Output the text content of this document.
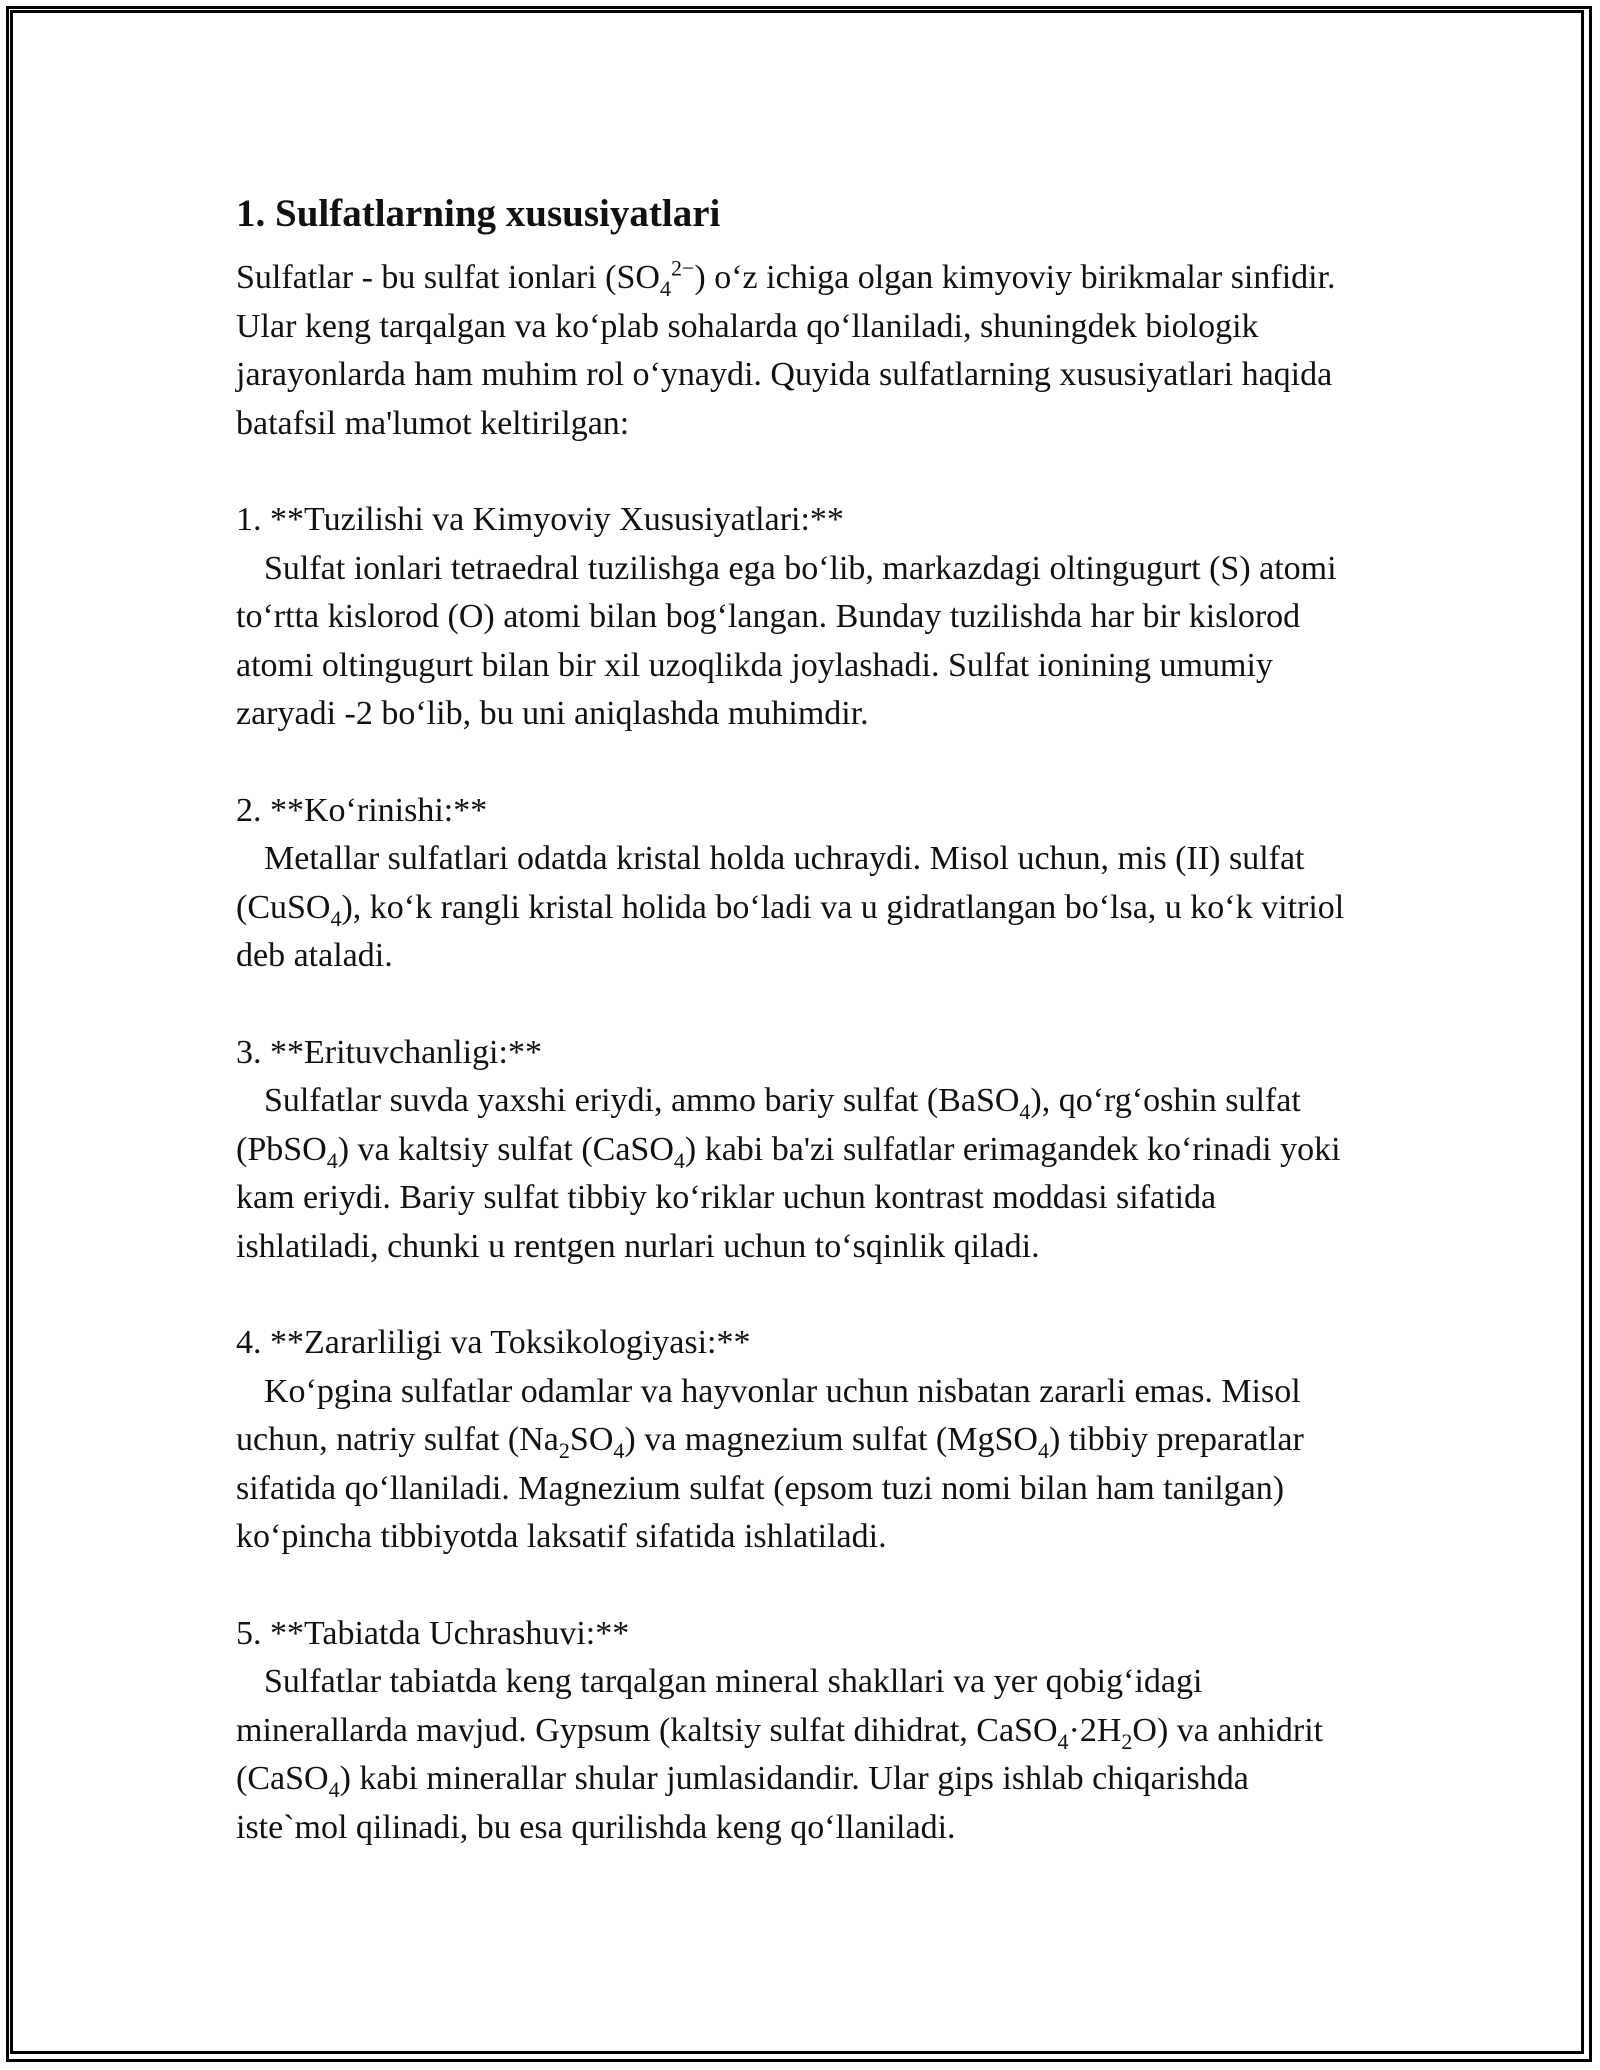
1. Sulfatlarning xususiyatlari

Sulfatlar - bu sulfat ionlari $(SO_4^{2-})$ o‘z ichiga olgan kimyoviy birikmalar sinfidir. Ular keng tarqalgan va ko‘plab sohalarda qo‘llaniladi, shuningdek biologik jarayonlarda ham muhim rol o‘ynaydi. Quyida sulfatlarning xususiyatlari haqida batafsil ma'lumot keltirilgan:

1. **Tuzilishi va Kimyoviy Xususiyatlari:**

Sulfat ionlari tetraedral tuzilishga ega bo‘lib, markazdagi oltingugurt (S) atomi to‘rtta kislorod (O) atomi bilan bog‘langan. Bunday tuzilishda har bir kislorod atomi oltingugurt bilan bir xil uzoqlikda joylashadi. Sulfat ionining umumiy zaryadi -2 bo‘lib, bu uni aniqlashda muhimdir.

2. **Ko‘rinishi:**

Metallar sulfatlari odatda kristal holda uchraydi. Misol uchun, mis (II) sulfat (CuSO$_4$), ko‘k rangli kristal holida bo‘ladi va u gidratlangan bo‘lsa, u ko‘k vitriol deb ataladi.

3. **Erituvchanligi:**

Sulfatlar suvda yaxshi eriydi, ammo bariy sulfat (BaSO$_4$), qo‘rg‘oshin sulfat (PbSO$_4$) va kaltsiy sulfat (CaSO$_4$) kabi ba'zi sulfatlar erimagandek ko‘rinadi yoki kam eriydi. Bariy sulfat tibbiy ko‘riklar uchun kontrast moddasi sifatida ishlatiladi, chunki u rentgen nurlari uchun to‘sqinlik qiladi.

4. **Zararliligi va Toksikologiyasi:**

Ko‘pgina sulfatlar odamlar va hayvonlar uchun nisbatan zararli emas. Misol uchun, natriy sulfat $(Na_2SO_4)$ va magnezium sulfat (MgSO$_4$) tibbiy preparatlar sifatida qo‘llaniladi. Magnezium sulfat (epsom tuzi nomi bilan ham tanilgan) ko‘pincha tibbiyotda laksatif sifatida ishlatiladi.

5. **Tabiatda Uchrashuvi:**

Sulfatlar tabiatda keng tarqalgan mineral shakllari va yer qobig‘idagi minerallarda mavjud. Gypsum (kaltsiy sulfat dihidrat, $CaSO_4\cdot 2H_2O$) va anhidrit (CaSO$_4$) kabi minerallar shular jumlasidandir. Ular gips ishlab chiqarishda iste`mol qilinadi, bu esa qurilishda keng qo‘llaniladi.
